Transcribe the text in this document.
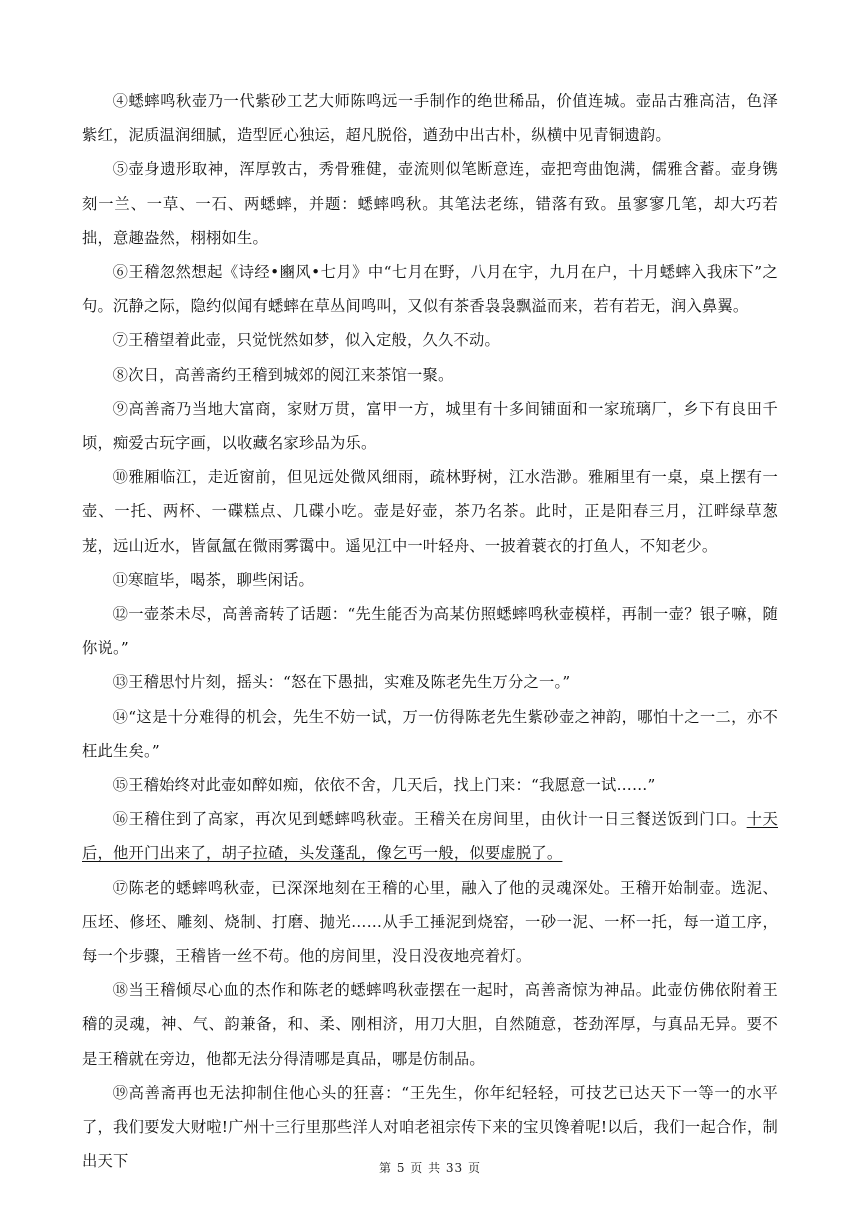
④蟋蟀鸣秋壶乃一代紫砂工艺大师陈鸣远一手制作的绝世稀品，价值连城。壶品古雅高洁，色泽紫红，泥质温润细腻，造型匠心独运，超凡脱俗，遒劲中出古朴，纵横中见青铜遗韵。

⑤壶身遗形取神，浑厚敦古，秀骨雅健，壶流则似笔断意连，壶把弯曲饱满，儒雅含蓄。壶身镌刻一兰、一草、一石、两蟋蟀，并题：蟋蟀鸣秋。其笔法老练，错落有致。虽寥寥几笔，却大巧若拙，意趣盎然，栩栩如生。

⑥王稽忽然想起《诗经•豳风•七月》中“七月在野，八月在宇，九月在户，十月蟋蟀入我床下”之句。沉静之际，隐约似闻有蟋蟀在草丛间鸣叫，又似有茶香袅袅飘溢而来，若有若无，润入鼻翼。

⑦王稽望着此壶，只觉恍然如梦，似入定般，久久不动。

⑧次日，高善斋约王稽到城郊的阅江来茶馆一聚。

⑨高善斋乃当地大富商，家财万贯，富甲一方，城里有十多间铺面和一家琉璃厂，乡下有良田千顷，痴爱古玩字画，以收藏名家珍品为乐。

⑩雅厢临江，走近窗前，但见远处微风细雨，疏林野树，江水浩渺。雅厢里有一桌，桌上摆有一壶、一托、两杯、一碟糕点、几碟小吃。壶是好壶，茶乃名茶。此时，正是阳春三月，江畔绿草葱茏，远山近水，皆氤氲在微雨雾霭中。遥见江中一叶轻舟、一披着蓑衣的打鱼人，不知老少。

⑪寒暄毕，喝茶，聊些闲话。

⑫一壶茶未尽，高善斋转了话题：“先生能否为高某仿照蟋蟀鸣秋壶模样，再制一壶？银子嘛，随你说。”

⑬王稽思忖片刻，摇头：“怒在下愚拙，实难及陈老先生万分之一。”

⑭“这是十分难得的机会，先生不妨一试，万一仿得陈老先生紫砂壶之神韵，哪怕十之一二，亦不枉此生矣。”

⑮王稽始终对此壶如醉如痴，依依不舍，几天后，找上门来：“我愿意一试……”

⑯王稽住到了高家，再次见到蟋蟀鸣秋壶。王稽关在房间里，由伙计一日三餐送饭到门口。十天后，他开门出来了，胡子拉碴，头发蓬乱，像乞丐一般，似要虚脱了。

⑰陈老的蟋蟀鸣秋壶，已深深地刻在王稽的心里，融入了他的灵魂深处。王稽开始制壶。选泥、压坯、修坯、雕刻、烧制、打磨、抛光……从手工捶泥到烧窑，一砂一泥、一杯一托，每一道工序，每一个步骤，王稽皆一丝不苟。他的房间里，没日没夜地亮着灯。

⑱当王稽倾尽心血的杰作和陈老的蟋蟀鸣秋壶摆在一起时，高善斋惊为神品。此壶仿佛依附着王稽的灵魂，神、气、韵兼备，和、柔、刚相济，用刀大胆，自然随意，苍劲浑厚，与真品无异。要不是王稽就在旁边，他都无法分得清哪是真品，哪是仿制品。

⑲高善斋再也无法抑制住他心头的狂喜：“王先生，你年纪轻轻，可技艺已达天下一等一的水平了，我们要发大财啦!广州十三行里那些洋人对咱老祖宗传下来的宝贝馋着呢!以后，我们一起合作，制出天下	第 5 页 共 33 页
